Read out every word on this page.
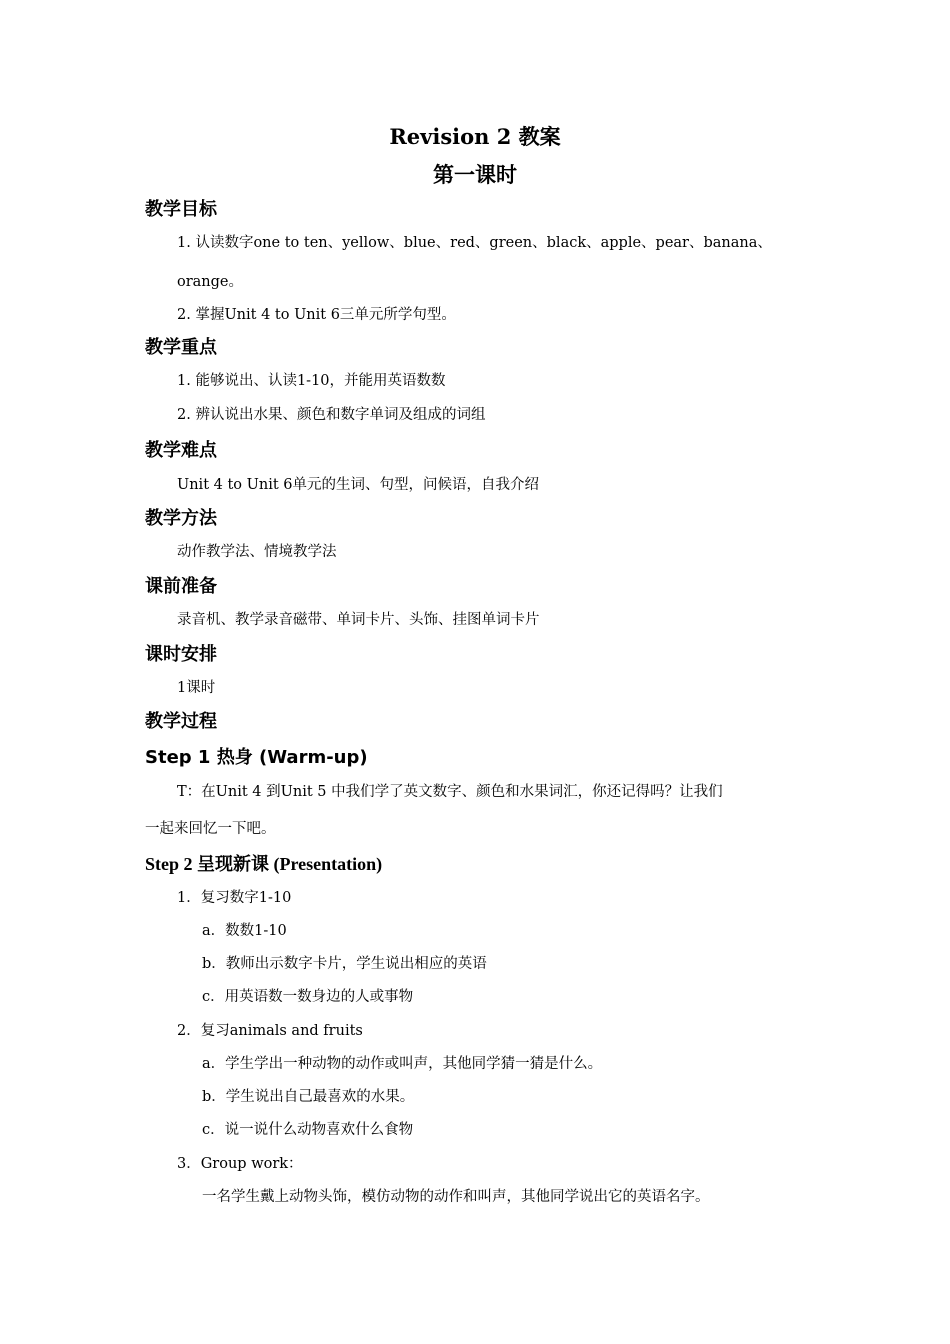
Revision 2 教案
第一课时
教学目标
1. 认读数字one to ten、yellow、blue、red、green、black、apple、pear、banana、
orange。
2. 掌握Unit 4 to Unit 6三单元所学句型。
教学重点
1. 能够说出、认读1-10，并能用英语数数
2. 辨认说出水果、颜色和数字单词及组成的词组
教学难点
Unit 4 to Unit 6单元的生词、句型，问候语，自我介绍
教学方法
动作教学法、情境教学法
课前准备
录音机、教学录音磁带、单词卡片、头饰、挂图单词卡片
课时安排
1课时
教学过程
Step 1 热身 (Warm-up)
T：在Unit 4 到Unit 5 中我们学了英文数字、颜色和水果词汇，你还记得吗？让我们
一起来回忆一下吧。
Step 2 呈现新课 (Presentation)
1．复习数字1-10
a．数数1-10
b．教师出示数字卡片，学生说出相应的英语
c．用英语数一数身边的人或事物
2．复习animals and fruits
a．学生学出一种动物的动作或叫声，其他同学猜一猜是什么。
b．学生说出自己最喜欢的水果。
c．说一说什么动物喜欢什么食物
3．Group work：
一名学生戴上动物头饰，模仿动物的动作和叫声，其他同学说出它的英语名字。
